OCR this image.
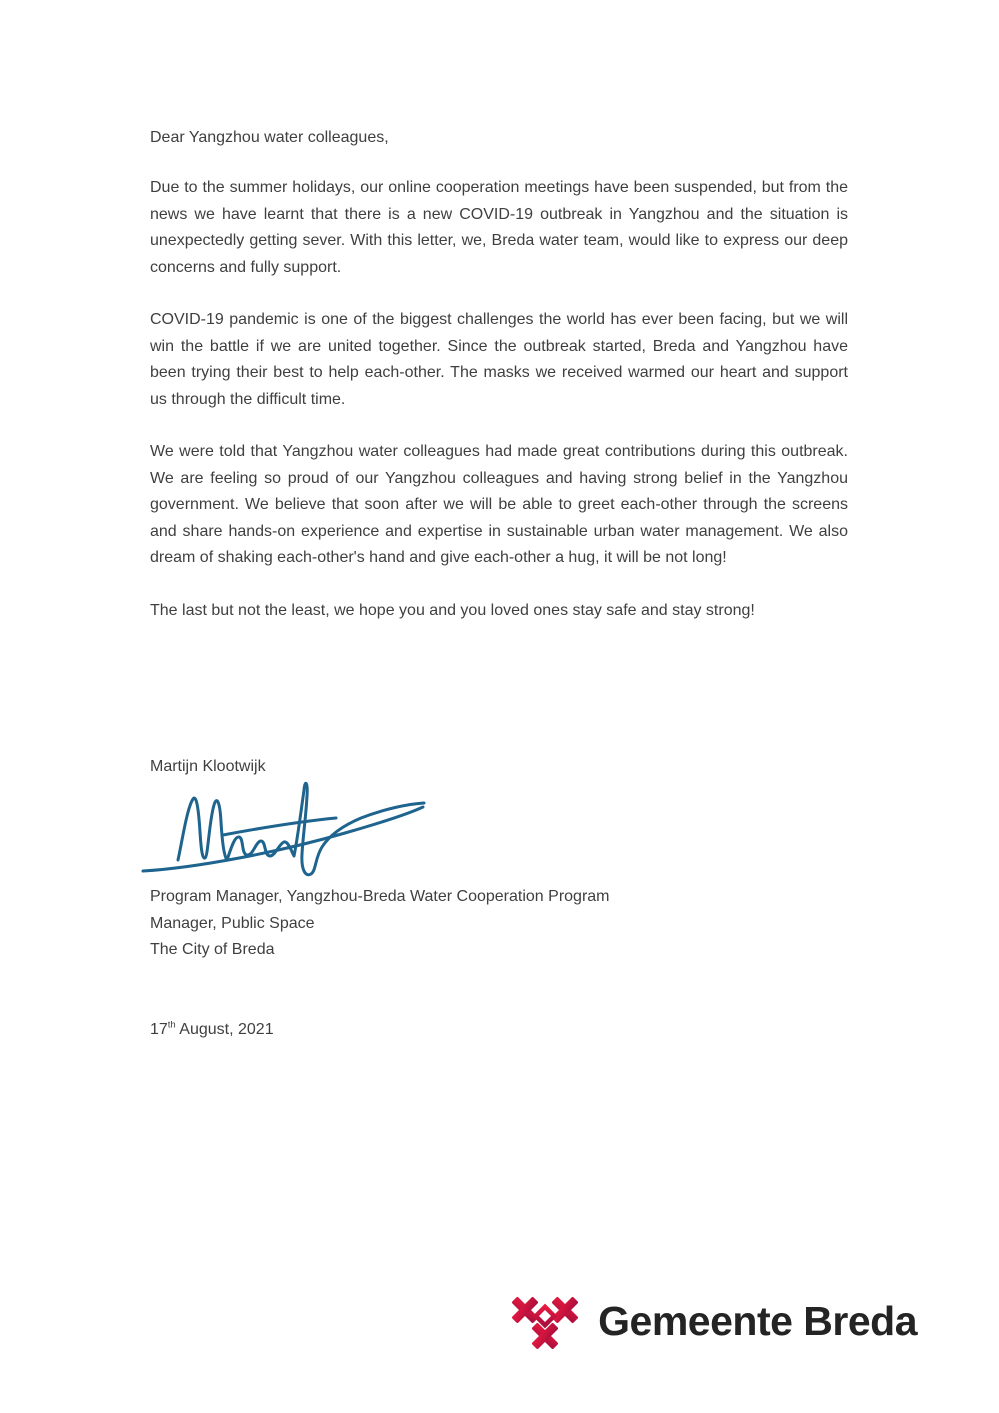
Dear Yangzhou water colleagues,

Due to the summer holidays, our online cooperation meetings have been suspended, but from the news we have learnt that there is a new COVID-19 outbreak in Yangzhou and the situation is unexpectedly getting sever. With this letter, we, Breda water team, would like to express our deep concerns and fully support.

COVID-19 pandemic is one of the biggest challenges the world has ever been facing, but we will win the battle if we are united together. Since the outbreak started, Breda and Yangzhou have been trying their best to help each-other. The masks we received warmed our heart and support us through the difficult time.

We were told that Yangzhou water colleagues had made great contributions during this outbreak. We are feeling so proud of our Yangzhou colleagues and having strong belief in the Yangzhou government. We believe that soon after we will be able to greet each-other through the screens and share hands-on experience and expertise in sustainable urban water management. We also dream of shaking each-other's hand and give each-other a hug, it will be not long!

The last but not the least, we hope you and you loved ones stay safe and stay strong!

Martijn Klootwijk

Program Manager, Yangzhou-Breda Water Cooperation Program
Manager, Public Space
The City of Breda

17th August, 2021

Gemeente Breda
